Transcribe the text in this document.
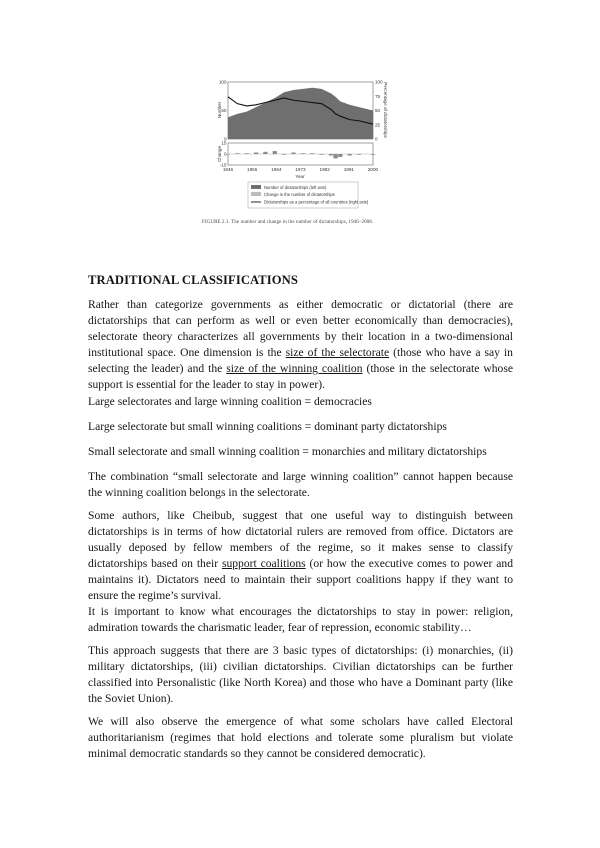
Number
Change
Percentage of dictatorships
0
50
100
-15
0
15
0
25
50
75
100
1946	1955	1964	1973	1982	1991	2000
Year
Number of dictatorships (left axis)
Change in the number of dictatorships
Dictatorships as a percentage of all countries (right axis)
FIGURE 2.1. The number and change in the number of dictatorships, 1946–2008.
TRADITIONAL CLASSIFICATIONS

Rather than categorize governments as either democratic or dictatorial (there are dictatorships that can perform as well or even better economically than democracies), selectorate theory characterizes all governments by their location in a two-dimensional institutional space. One dimension is the size of the selectorate (those who have a say in selecting the leader) and the size of the winning coalition (those in the selectorate whose support is essential for the leader to stay in power).

Large selectorates and large winning coalition = democracies

Large selectorate but small winning coalitions = dominant party dictatorships

Small selectorate and small winning coalition = monarchies and military dictatorships

The combination “small selectorate and large winning coalition” cannot happen because the winning coalition belongs in the selectorate.

Some authors, like Cheibub, suggest that one useful way to distinguish between dictatorships is in terms of how dictatorial rulers are removed from office. Dictators are usually deposed by fellow members of the regime, so it makes sense to classify dictatorships based on their support coalitions (or how the executive comes to power and maintains it). Dictators need to maintain their support coalitions happy if they want to ensure the regime’s survival.

It is important to know what encourages the dictatorships to stay in power: religion, admiration towards the charismatic leader, fear of repression, economic stability…

This approach suggests that there are 3 basic types of dictatorships: (i) monarchies, (ii) military dictatorships, (iii) civilian dictatorships. Civilian dictatorships can be further classified into Personalistic (like North Korea) and those who have a Dominant party (like the Soviet Union).

We will also observe the emergence of what some scholars have called Electoral authoritarianism (regimes that hold elections and tolerate some pluralism but violate minimal democratic standards so they cannot be considered democratic).
